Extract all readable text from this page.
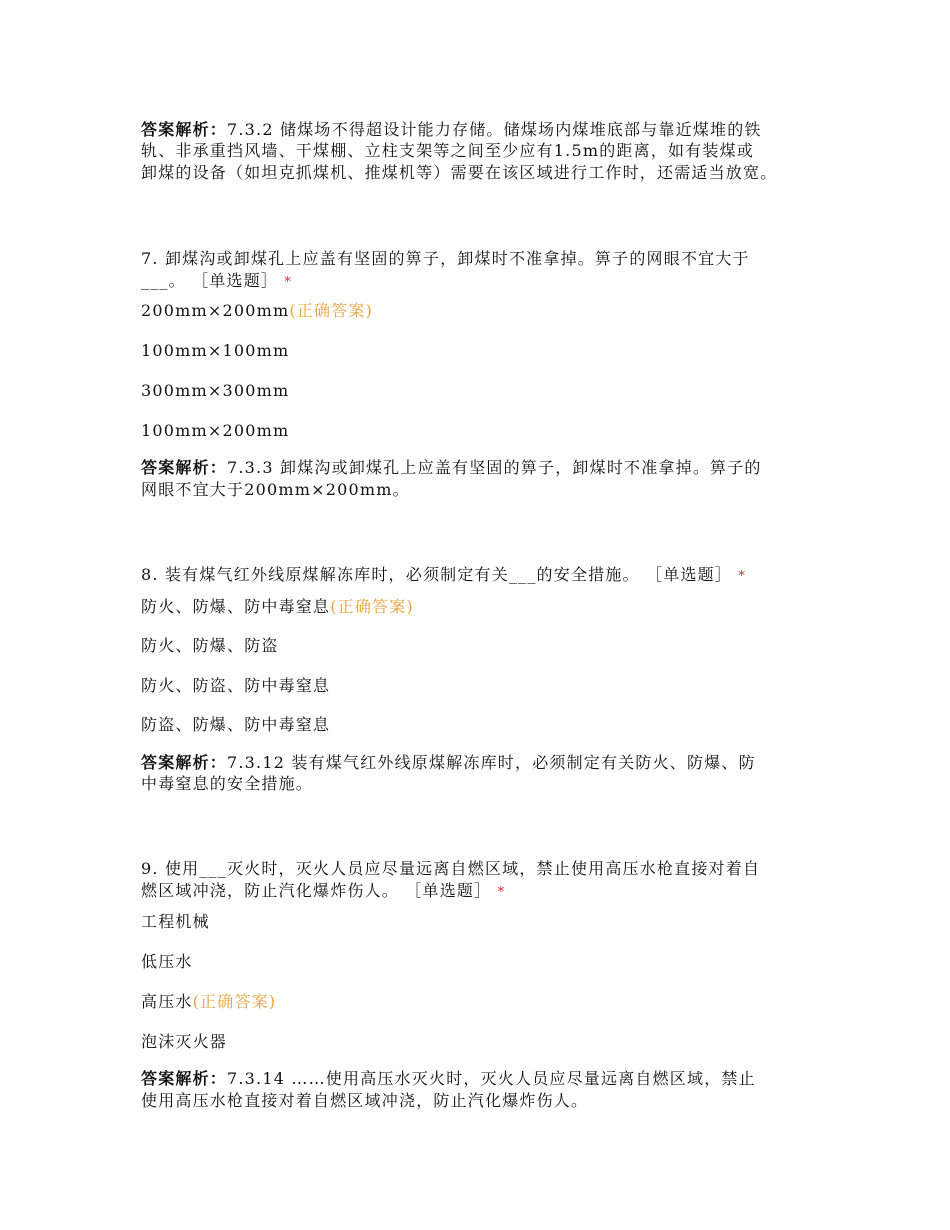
答案解析：7.3.2 储煤场不得超设计能力存储。储煤场内煤堆底部与靠近煤堆的铁
轨、非承重挡风墙、干煤棚、立柱支架等之间至少应有1.5m的距离，如有装煤或
卸煤的设备（如坦克抓煤机、推煤机等）需要在该区域进行工作时，还需适当放宽。
7. 卸煤沟或卸煤孔上应盖有坚固的箅子，卸煤时不准拿掉。箅子的网眼不宜大于
___。 ［单选题］ *
200mm×200mm(正确答案)
100mm×100mm
300mm×300mm
100mm×200mm
答案解析：7.3.3 卸煤沟或卸煤孔上应盖有坚固的箅子，卸煤时不准拿掉。箅子的
网眼不宜大于200mm×200mm。
8. 装有煤气红外线原煤解冻库时，必须制定有关___的安全措施。 ［单选题］ *
防火、防爆、防中毒窒息(正确答案)
防火、防爆、防盗
防火、防盗、防中毒窒息
防盗、防爆、防中毒窒息
答案解析：7.3.12 装有煤气红外线原煤解冻库时，必须制定有关防火、防爆、防
中毒窒息的安全措施。
9. 使用___灭火时，灭火人员应尽量远离自燃区域，禁止使用高压水枪直接对着自
燃区域冲浇，防止汽化爆炸伤人。 ［单选题］ *
工程机械
低压水
高压水(正确答案)
泡沫灭火器
答案解析：7.3.14 ……使用高压水灭火时，灭火人员应尽量远离自燃区域，禁止
使用高压水枪直接对着自燃区域冲浇，防止汽化爆炸伤人。
